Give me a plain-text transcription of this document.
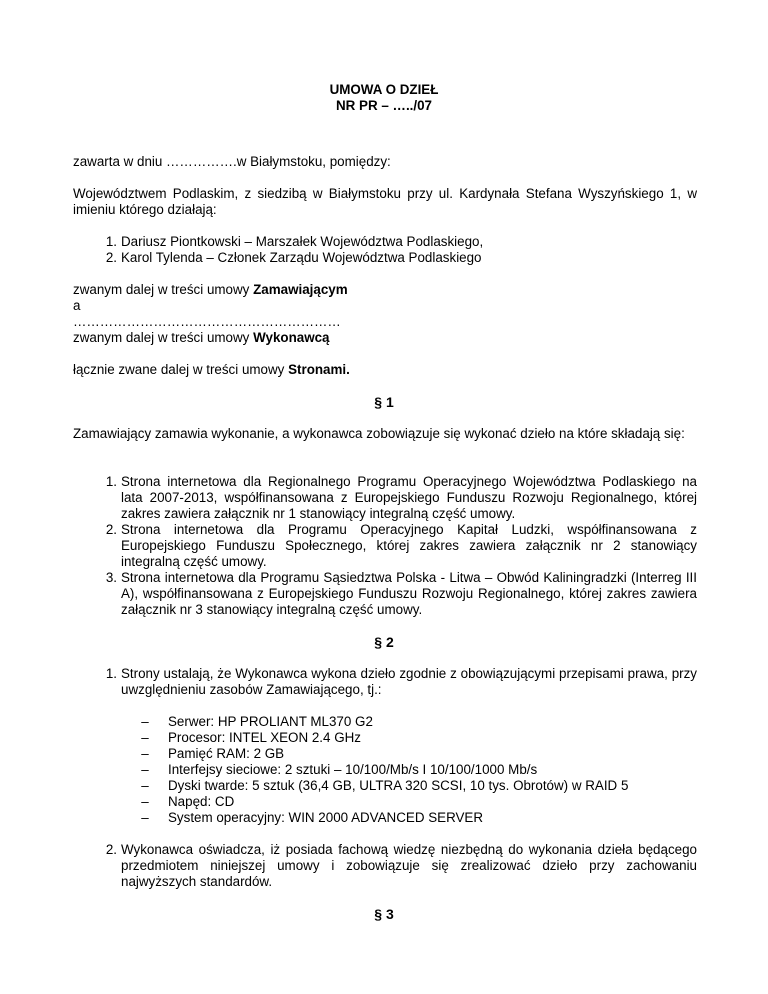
UMOWA O DZIEŁ
NR PR – …../07

zawarta w dniu …………….w Białymstoku, pomiędzy:

Województwem Podlaskim, z siedzibą w Białymstoku przy ul. Kardynała Stefana Wyszyńskiego 1, w imieniu którego działają:

1. Dariusz Piontkowski – Marszałek Województwa Podlaskiego,
2. Karol Tylenda – Członek Zarządu Województwa Podlaskiego

zwanym dalej w treści umowy Zamawiającym

a

……………………………………………………

zwanym dalej w treści umowy Wykonawcą

łącznie zwane dalej w treści umowy Stronami.

§ 1

Zamawiający zamawia wykonanie, a wykonawca zobowiązuje się wykonać dzieło na które składają się:

1. Strona internetowa dla Regionalnego Programu Operacyjnego Województwa Podlaskiego na lata 2007-2013, współfinansowana z Europejskiego Funduszu Rozwoju Regionalnego, której zakres zawiera załącznik nr 1 stanowiący integralną część umowy.
2. Strona internetowa dla Programu Operacyjnego Kapitał Ludzki, współfinansowana z Europejskiego Funduszu Społecznego, której zakres zawiera załącznik nr 2 stanowiący integralną część umowy.
3. Strona internetowa dla Programu Sąsiedztwa Polska - Litwa – Obwód Kaliningradzki (Interreg III A), współfinansowana z Europejskiego Funduszu Rozwoju Regionalnego, której zakres zawiera załącznik nr 3 stanowiący integralną część umowy.
§ 2
1. Strony ustalają, że Wykonawca wykona dzieło zgodnie z obowiązującymi przepisami prawa, przy uwzględnieniu zasobów Zamawiającego, tj.:
– Serwer: HP PROLIANT ML370 G2
– Procesor: INTEL XEON 2.4 GHz
– Pamięć RAM: 2 GB
– Interfejsy sieciowe: 2 sztuki – 10/100/Mb/s I 10/100/1000 Mb/s
– Dyski twarde: 5 sztuk (36,4 GB, ULTRA 320 SCSI, 10 tys. Obrotów) w RAID 5
– Napęd: CD
– System operacyjny: WIN 2000 ADVANCED SERVER
2. Wykonawca oświadcza, iż posiada fachową wiedzę niezbędną do wykonania dzieła będącego przedmiotem niniejszej umowy i zobowiązuje się zrealizować dzieło przy zachowaniu najwyższych standardów.
§ 3
